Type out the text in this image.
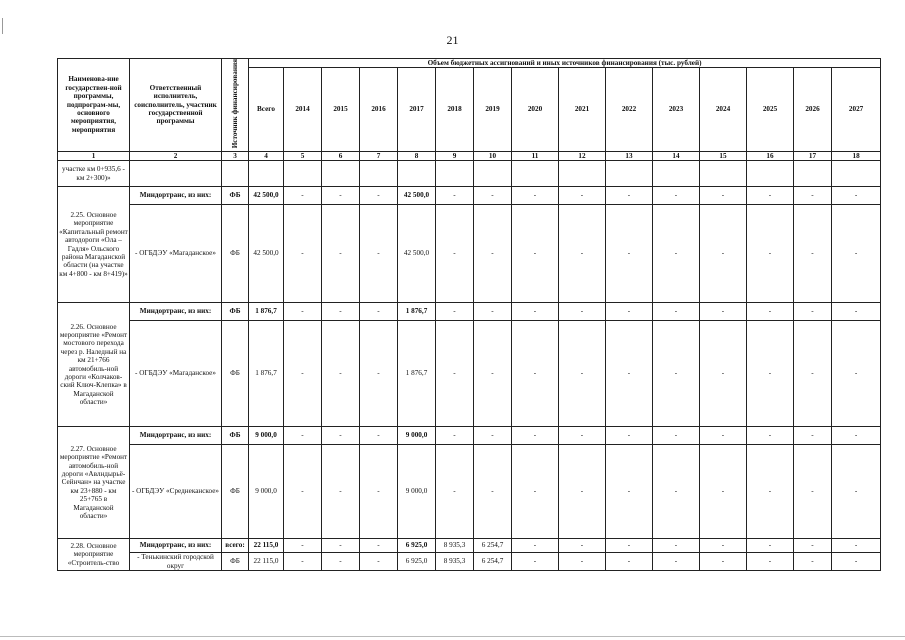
21
Наименова-ние государствен-ной программы, подпрограм-мы, основного мероприятия, мероприятия	Ответственный исполнитель, соисполнитель, участник государственной программы	Источник финансирования	Объем бюджетных ассигнований и иных источников финансирования (тыс. рублей)														
			Всего	2014	2015	2016	2017	2018	2019	2020	2021	2022	2023	2024	2025	2026	2027
1	2	3	4	5	6	7	8	9	10	11	12	13	14	15	16	17	18
участке км 0+935,6 - км 2+300)»																	
2.25. Основное мероприятие «Капитальный ремонт автодороги «Ола – Гадля» Ольского района Магаданской области (на участке км 4+800 - км 8+419)»	Миндортранс, из них:	ФБ	42 500,0	-	-	-	42 500,0	-	-	-	-	-	-	-	-	-	-
	- ОГБДЭУ «Магаданское»	ФБ	42 500,0	-	-	-	42 500,0	-	-	-	-	-	-	-	-	-	-
2.26. Основное мероприятие «Ремонт мостового перехода через р. Наледный на км 21+766 автомобиль-ной дороги «Колчаков-ский Ключ-Клепка» в Магаданской области»	Миндортранс, из них:	ФБ	1 876,7	-	-	-	1 876,7	-	-	-	-	-	-	-	-	-	-
	- ОГБДЭУ «Магаданское»	ФБ	1 876,7	-	-	-	1 876,7	-	-	-	-	-	-	-	-	-	-
2.27. Основное мероприятие «Ремонт автомобиль-ной дороги «Авлндырьё-Сейнчан» на участке км 23+880 - км 25+765 в Магаданской области»	Миндортранс, из них:	ФБ	9 000,0	-	-	-	9 000,0	-	-	-	-	-	-	-	-	-	-
	- ОГБДЭУ «Среднеканское»	ФБ	9 000,0	-	-	-	9 000,0	-	-	-	-	-	-	-	-	-	-
2.28. Основное мероприятие «Строитель-ство	Миндортранс, из них:	всего:	22 115,0	-	-	-	6 925,0	8 935,3	6 254,7	-	-	-	-	-	-	-	-
	- Тенькинский городской округ	ФБ	22 115,0	-	-	-	6 925,0	8 935,3	6 254,7	-	-	-	-	-	-	-	-
